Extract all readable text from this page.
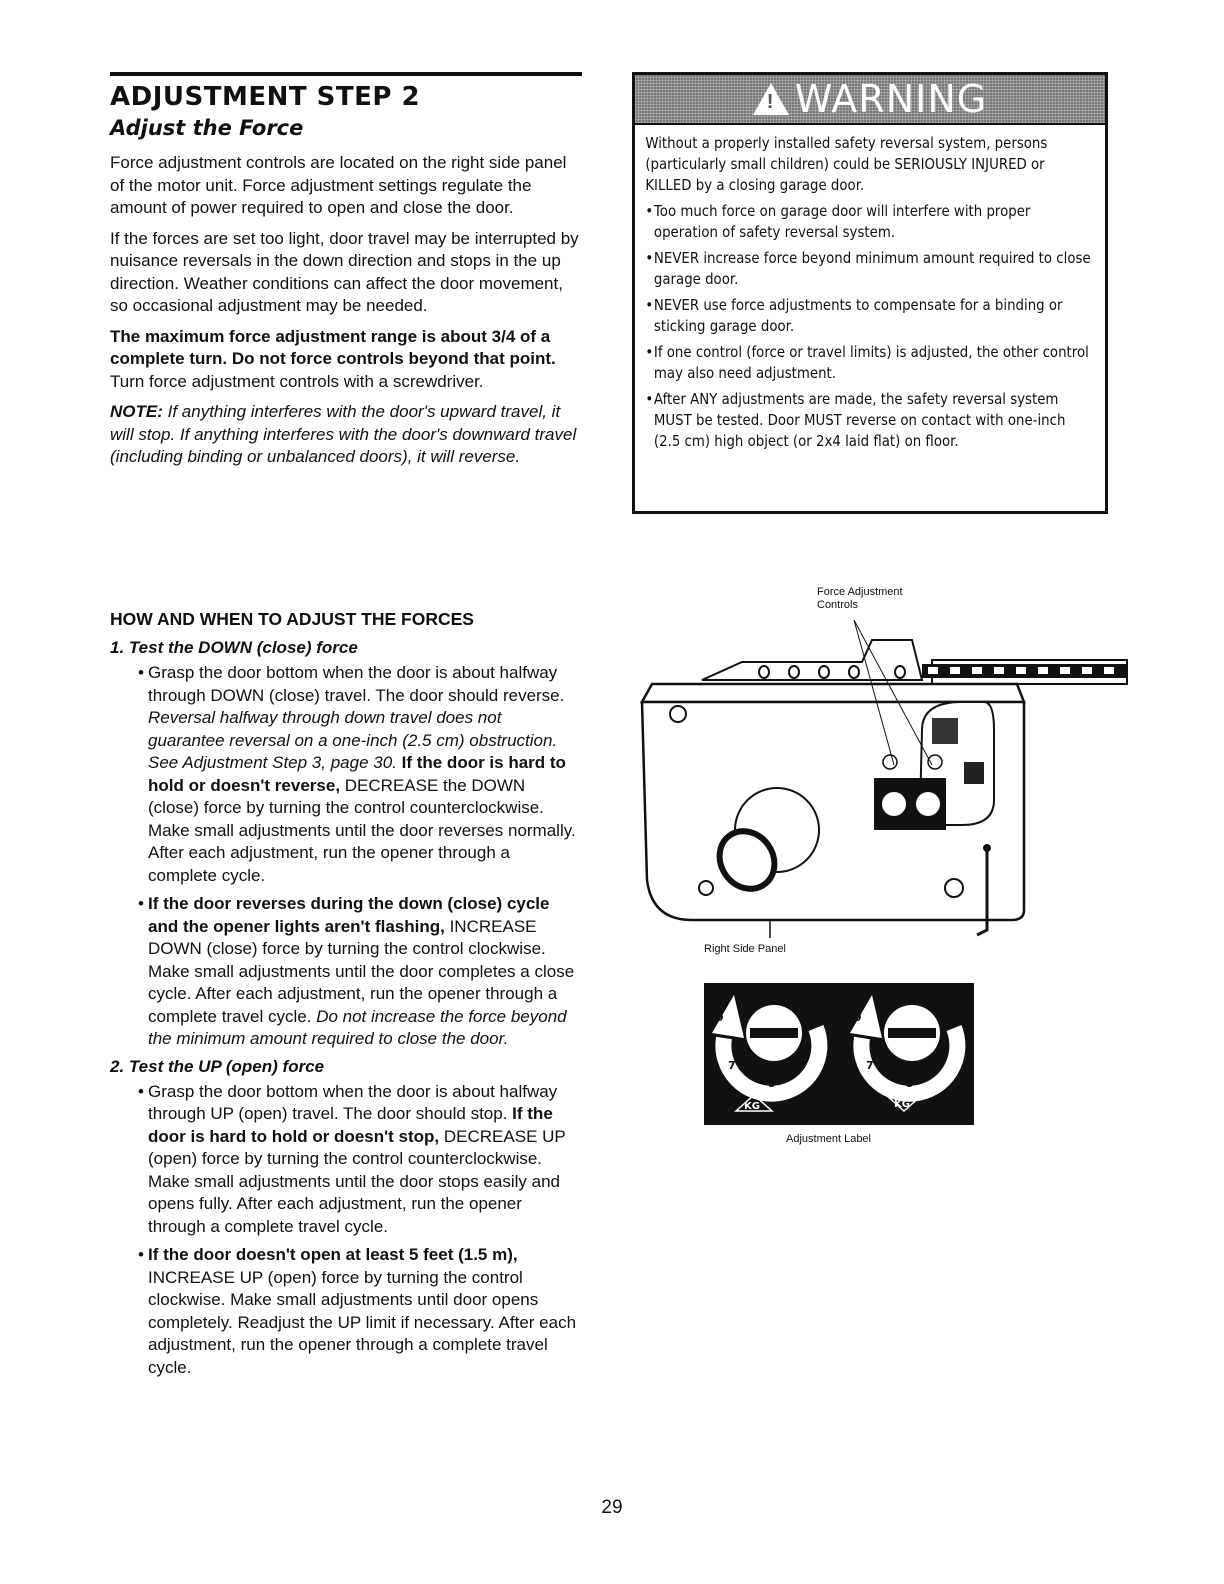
ADJUSTMENT STEP 2
Adjust the Force

Force adjustment controls are located on the right side panel of the motor unit. Force adjustment settings regulate the amount of power required to open and close the door.

If the forces are set too light, door travel may be interrupted by nuisance reversals in the down direction and stops in the up direction. Weather conditions can affect the door movement, so occasional adjustment may be needed.

The maximum force adjustment range is about 3/4 of a complete turn. Do not force controls beyond that point. Turn force adjustment controls with a screwdriver.

NOTE: If anything interferes with the door's upward travel, it will stop. If anything interferes with the door's downward travel (including binding or unbalanced doors), it will reverse.

HOW AND WHEN TO ADJUST THE FORCES
1. Test the DOWN (close) force
• Grasp the door bottom when the door is about halfway through DOWN (close) travel. The door should reverse. Reversal halfway through down travel does not guarantee reversal on a one-inch (2.5 cm) obstruction. See Adjustment Step 3, page 30. If the door is hard to hold or doesn't reverse, DECREASE the DOWN (close) force by turning the control counterclockwise. Make small adjustments until the door reverses normally. After each adjustment, run the opener through a complete cycle.
• If the door reverses during the down (close) cycle and the opener lights aren't flashing, INCREASE DOWN (close) force by turning the control clockwise. Make small adjustments until the door completes a close cycle. After each adjustment, run the opener through a complete travel cycle. Do not increase the force beyond the minimum amount required to close the door.
2. Test the UP (open) force
• Grasp the door bottom when the door is about halfway through UP (open) travel. The door should stop. If the door is hard to hold or doesn't stop, DECREASE UP (open) force by turning the control counterclockwise. Make small adjustments until the door stops easily and opens fully. After each adjustment, run the opener through a complete travel cycle.
• If the door doesn't open at least 5 feet (1.5 m), INCREASE UP (open) force by turning the control clockwise. Make small adjustments until door opens completely. Readjust the UP limit if necessary. After each adjustment, run the opener through a complete travel cycle.
! WARNING

Without a properly installed safety reversal system, persons (particularly small children) could be SERIOUSLY INJURED or KILLED by a closing garage door.

• Too much force on garage door will interfere with proper operation of safety reversal system.
• NEVER increase force beyond minimum amount required to close garage door.
• NEVER use force adjustments to compensate for a binding or sticking garage door.
• If one control (force or travel limits) is adjusted, the other control may also need adjustment.
• After ANY adjustments are made, the safety reversal system MUST be tested. Door MUST reverse on contact with one-inch (2.5 cm) high object (or 2x4 laid flat) on floor.
Force Adjustment
Controls
Right Side Panel
9
7
5
1	9
7
5
1
KG	KG
Adjustment Label
29
